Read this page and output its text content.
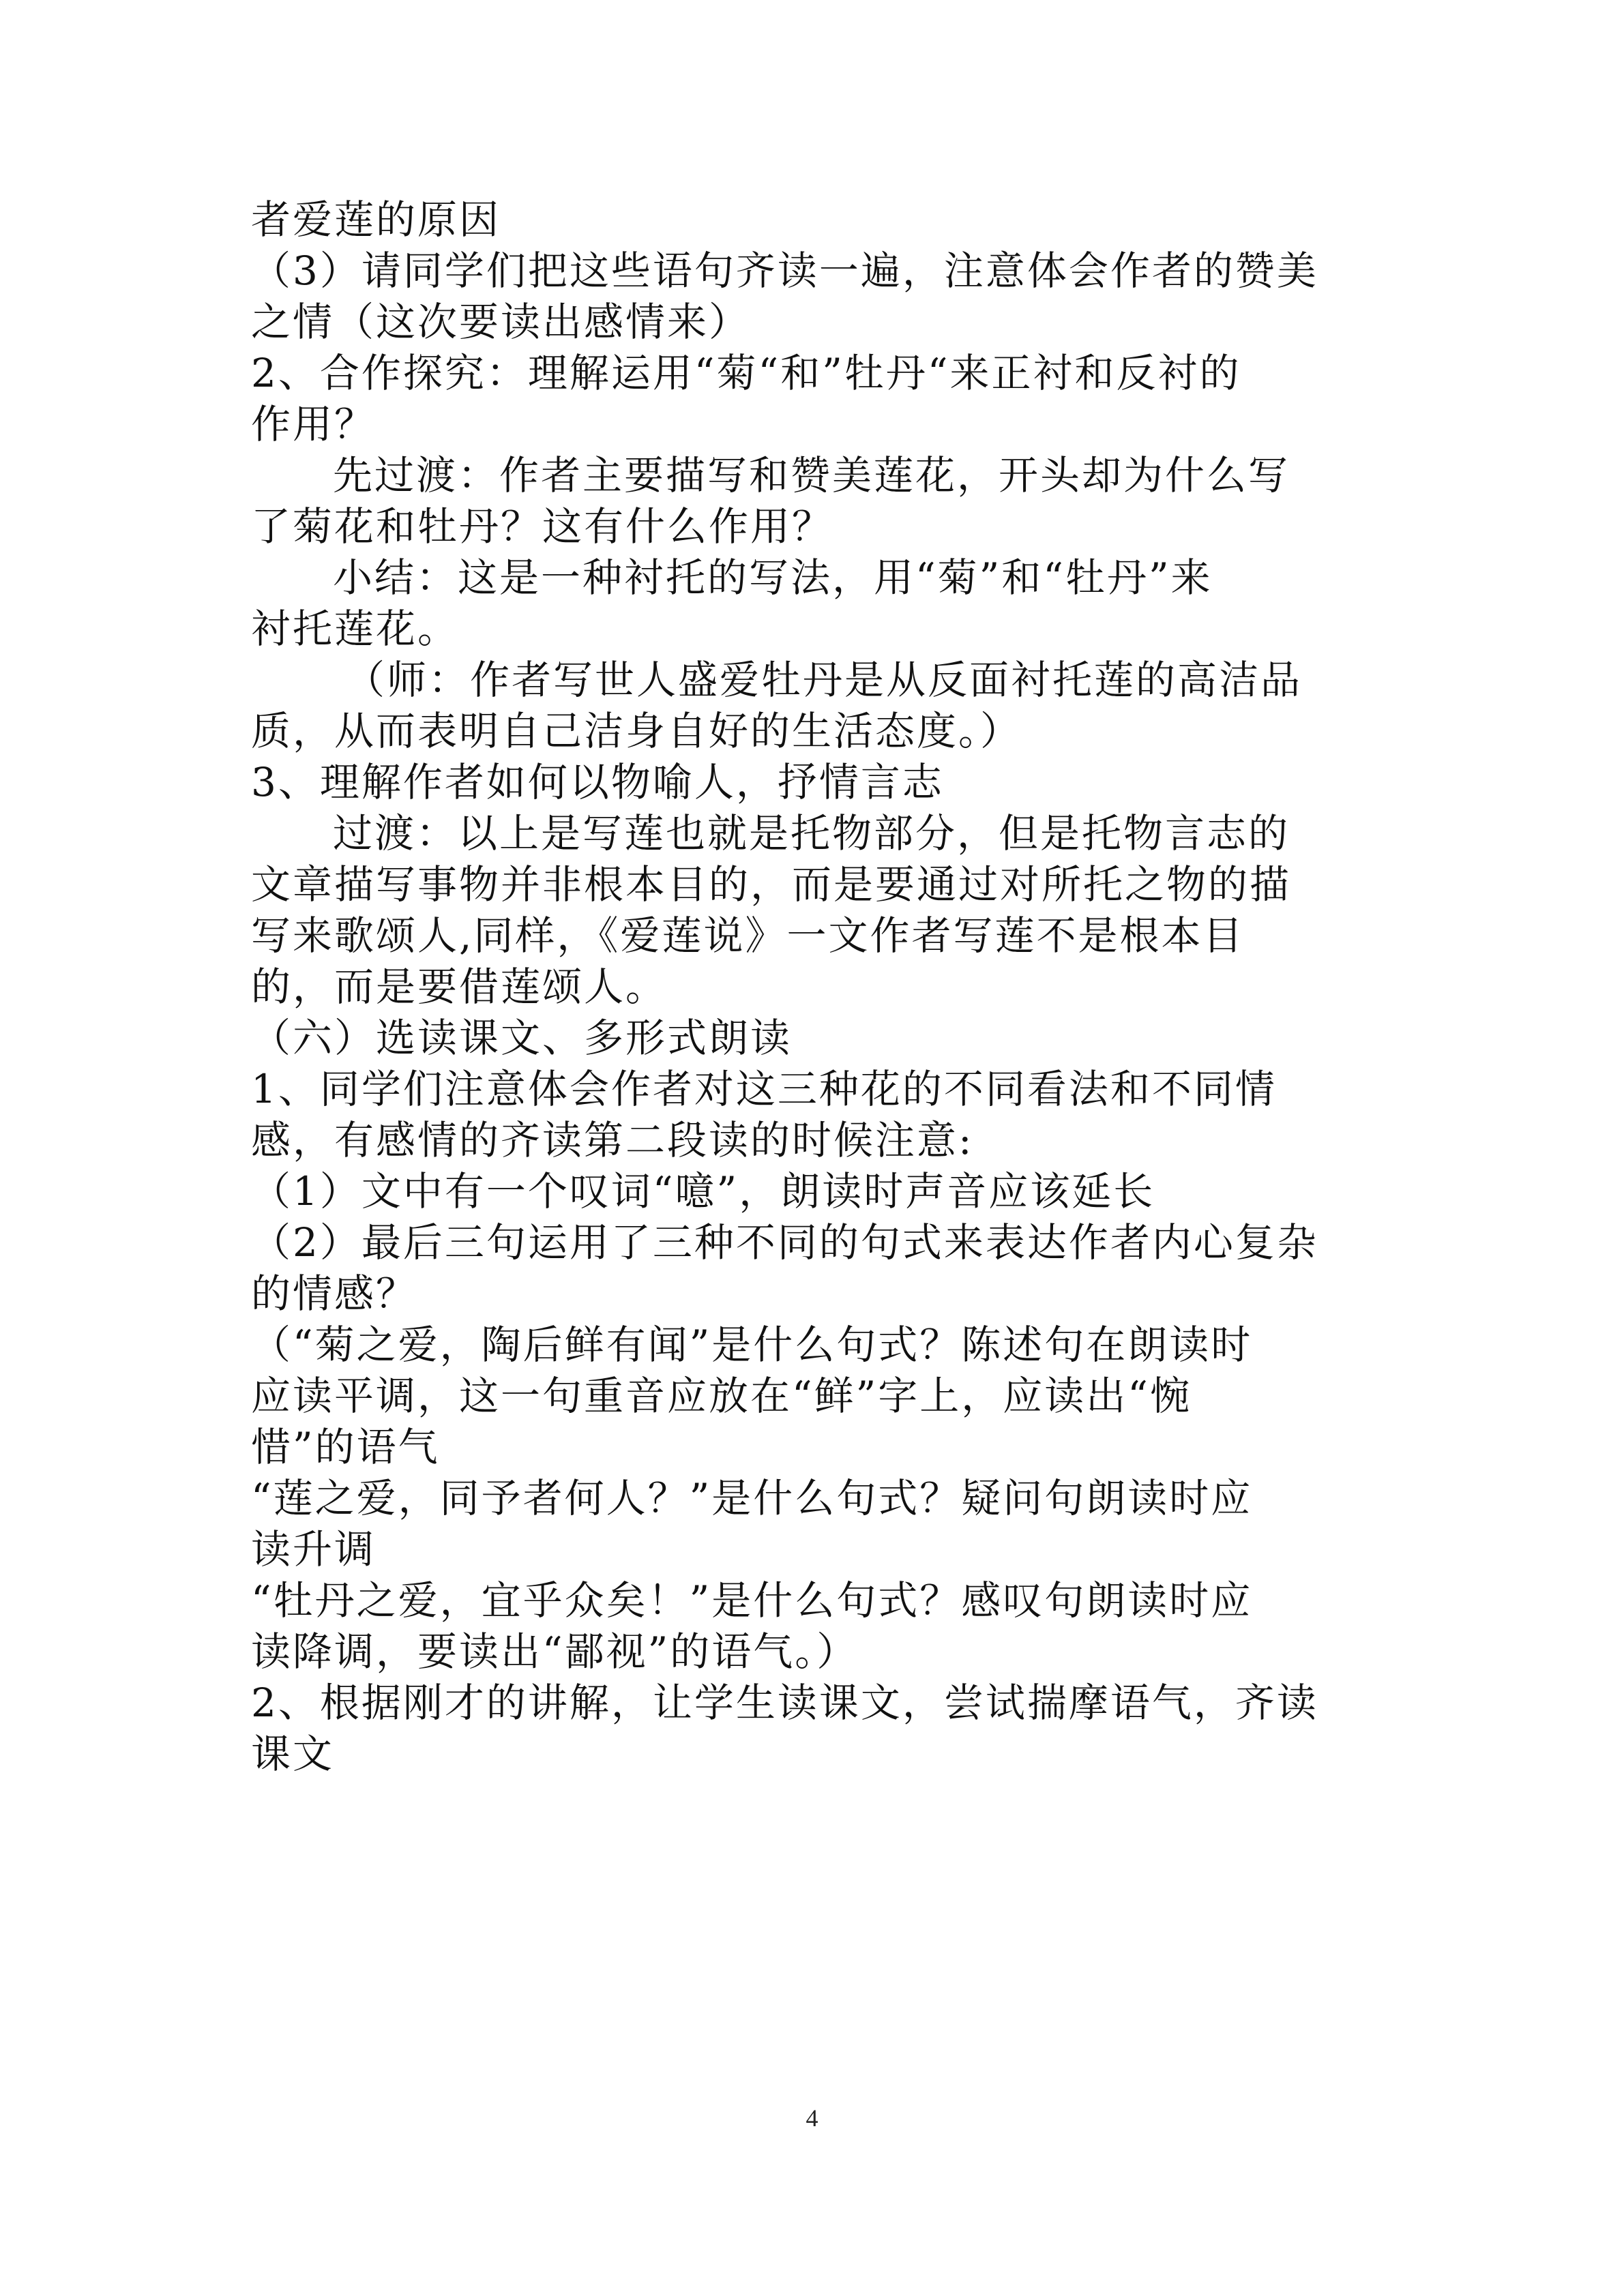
者爱莲的原因
（3）请同学们把这些语句齐读一遍，注意体会作者的赞美
之情（这次要读出感情来）
2、合作探究：理解运用“菊“和”牡丹“来正衬和反衬的
作用？
先过渡：作者主要描写和赞美莲花，开头却为什么写
了菊花和牡丹？这有什么作用？
小结：这是一种衬托的写法，用“菊”和“牡丹”来
衬托莲花。
（师：作者写世人盛爱牡丹是从反面衬托莲的高洁品
质，从而表明自己洁身自好的生活态度。）
3、理解作者如何以物喻人，抒情言志
过渡：以上是写莲也就是托物部分，但是托物言志的
文章描写事物并非根本目的，而是要通过对所托之物的描
写来歌颂人,同样，《爱莲说》一文作者写莲不是根本目
的，而是要借莲颂人。
（六）选读课文、多形式朗读
1、同学们注意体会作者对这三种花的不同看法和不同情
感，有感情的齐读第二段读的时候注意:
（1）文中有一个叹词“噫”，朗读时声音应该延长
（2）最后三句运用了三种不同的句式来表达作者内心复杂
的情感？
（“菊之爱，陶后鲜有闻”是什么句式？陈述句在朗读时
应读平调，这一句重音应放在“鲜”字上，应读出“惋
惜”的语气
“莲之爱，同予者何人？”是什么句式？疑问句朗读时应
读升调
“牡丹之爱，宜乎众矣！”是什么句式？感叹句朗读时应
读降调，要读出“鄙视”的语气。）
2、根据刚才的讲解，让学生读课文，尝试揣摩语气，齐读
课文
4
